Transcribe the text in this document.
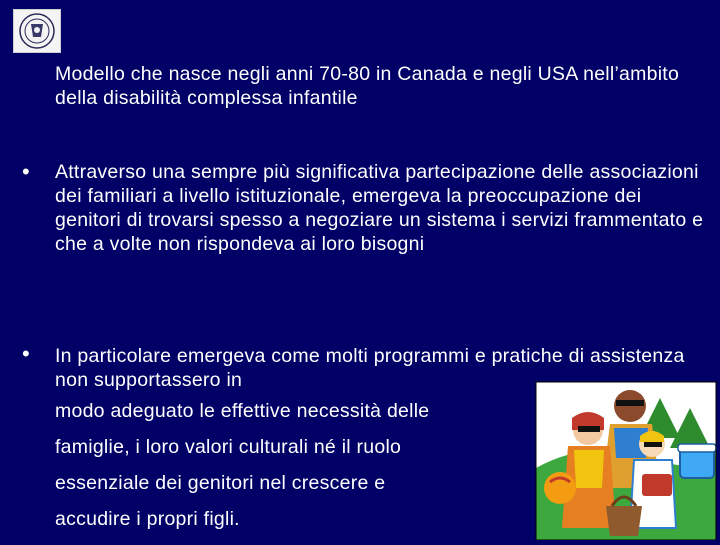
Modello che nasce negli anni 70-80 in Canada e negli USA nell’ambito della disabilità complessa infantile

• Attraverso una sempre più significativa partecipazione delle associazioni dei familiari a livello istituzionale, emergeva la preoccupazione dei genitori di trovarsi spesso a negoziare un sistema i servizi frammentato e che a volte non rispondeva ai loro bisogni

• In particolare emergeva come molti programmi e pratiche di assistenza non supportassero in

modo adeguato le effettive necessità delle
famiglie, i loro valori culturali né il ruolo
essenziale dei genitori nel crescere e
accudire i propri figli.
